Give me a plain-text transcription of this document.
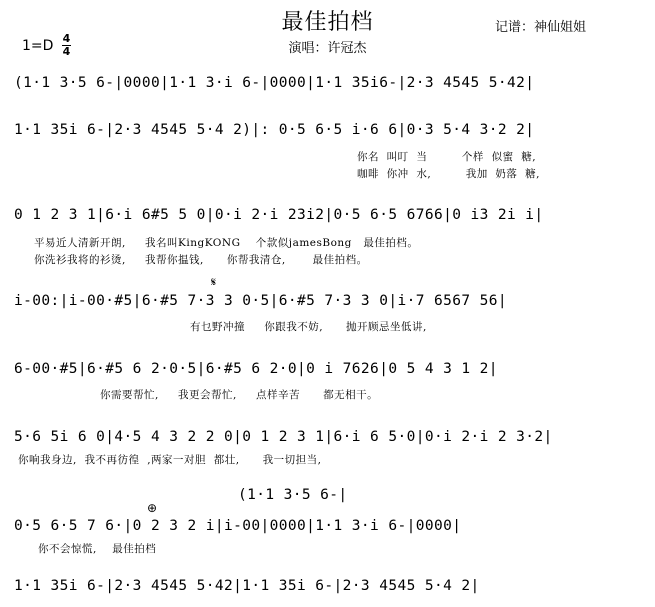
最佳拍档
演唱：许冠杰
记谱：神仙姐姐
1=D 4
4
(1·1 3·5 6-|0000|1·1 3·i 6-|0000|1·1 35i6-|2·3 4545 5·42|
1·1 35i 6-|2·3 4545 5·4 2)|: 0·5 6·5 i·6 6|0·3 5·4 3·2 2|
你名  叫叮  当         个样  似蜜  糖,
咖啡  你冲  水,         我加  奶落  糖,
0 1 2 3 1|6·i 6#5 5 0|0·i 2·i 23i2|0·5 6·5 6766|0 i3 2i i|
平易近人清新开朗,     我名叫KingKONG    个款似jamesBong   最佳拍档。
你洗衫我将的衫烫,     我帮你揾钱,      你帮我清仓,       最佳拍档。
𝄋
i-00:|i-00·#5|6·#5 7·3 3 0·5|6·#5 7·3 3 0|i·7 6567 56|
有乜野冲撞     你跟我不妨,      抛开顾忌坐低讲,
6-00·#5|6·#5 6 2·0·5|6·#5 6 2·0|0 i 7626|0 5 4 3 1 2|
你需要帮忙,     我更会帮忙,     点样辛苦      都无相干。
5·6 5i 6 0|4·5 4 3 2 2 0|0 1 2 3 1|6·i 6 5·0|0·i 2·i 2 3·2|
你响我身边,  我不再彷徨  ,两家一对胆  都壮,      我一切担当,
(1·1 3·5 6-|
⊕
0·5 6·5 7 6·|0 2 3 2 i|i-00|0000|1·1 3·i 6-|0000|
你不会惊慌,    最佳拍档
1·1 35i 6-|2·3 4545 5·42|1·1 35i 6-|2·3 4545 5·4 2|
